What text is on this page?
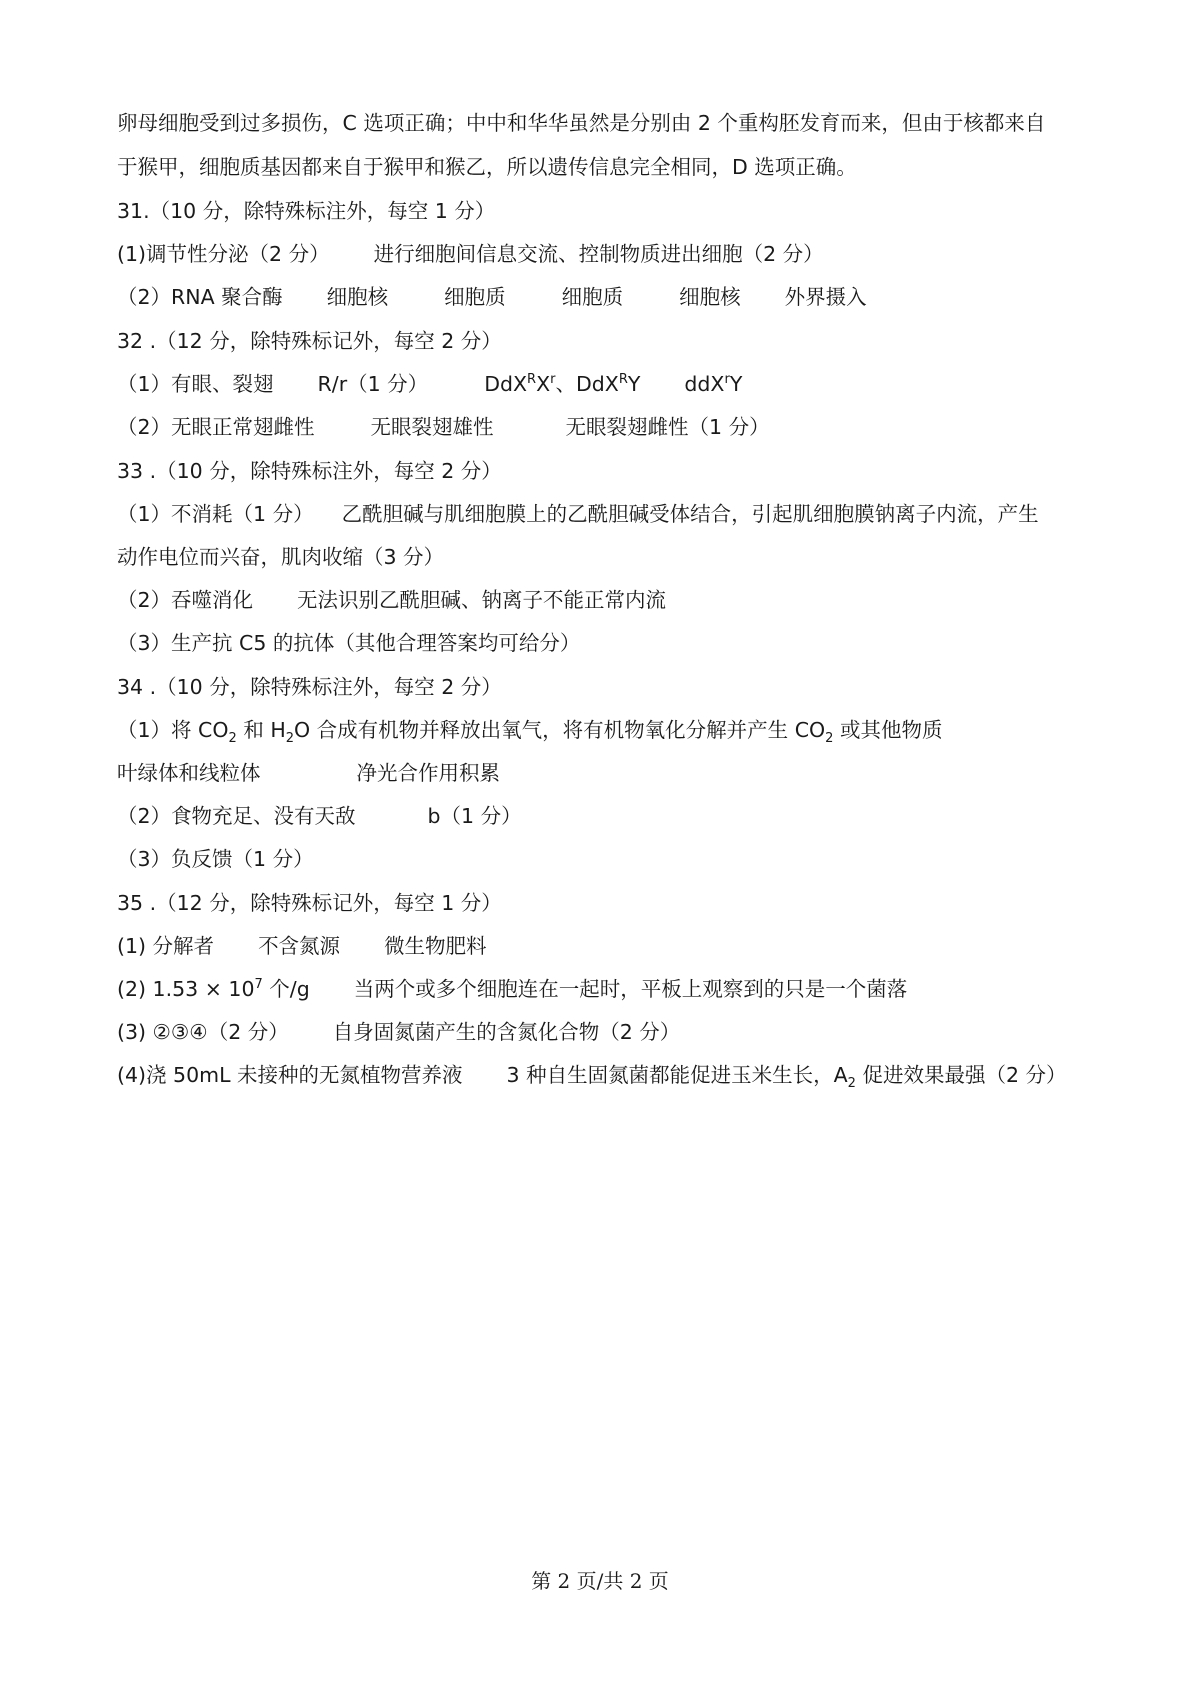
卵母细胞受到过多损伤，C 选项正确；中中和华华虽然是分别由 2 个重构胚发育而来，但由于核都来自
于猴甲，细胞质基因都来自于猴甲和猴乙，所以遗传信息完全相同，D 选项正确。
31.（10 分，除特殊标注外，每空 1 分）
(1)调节性分泌（2 分） 进行细胞间信息交流、控制物质进出细胞（2 分）
（2）RNA 聚合酶 细胞核	细胞质	细胞质	细胞核 外界摄入
32 .（12 分，除特殊标记外，每空 2 分）
（1）有眼、裂翅 R/r（1 分）	$DdX^RX^r$、DdX$^R$Y ddX$^r$Y
（2）无眼正常翅雌性	无眼裂翅雄性	无眼裂翅雌性（1 分）
33 .（10 分，除特殊标注外，每空 2 分）
（1）不消耗（1 分） 乙酰胆碱与肌细胞膜上的乙酰胆碱受体结合，引起肌细胞膜钠离子内流，产生
动作电位而兴奋，肌肉收缩（3 分）
（2）吞噬消化 无法识别乙酰胆碱、钠离子不能正常内流
（3）生产抗 C5 的抗体（其他合理答案均可给分）
34 .（10 分，除特殊标注外，每空 2 分）
（1）将 $CO_2$ 和 $H_2O$ 合成有机物并释放出氧气，将有机物氧化分解并产生 $CO_2$ 或其他物质
叶绿体和线粒体	净光合作用积累
（2）食物充足、没有天敌	b（1 分）
（3）负反馈（1 分）
35 .（12 分，除特殊标记外，每空 1 分）
(1) 分解者 不含氮源 微生物肥料
(2) $1.53 \times 10^7$ 个/g 当两个或多个细胞连在一起时，平板上观察到的只是一个菌落
(3) ②③④（2 分） 自身固氮菌产生的含氮化合物（2 分）
(4)浇 50mL 未接种的无氮植物营养液 3 种自生固氮菌都能促进玉米生长，$A_2$ 促进效果最强（2 分）
第 2 页/共 2 页
